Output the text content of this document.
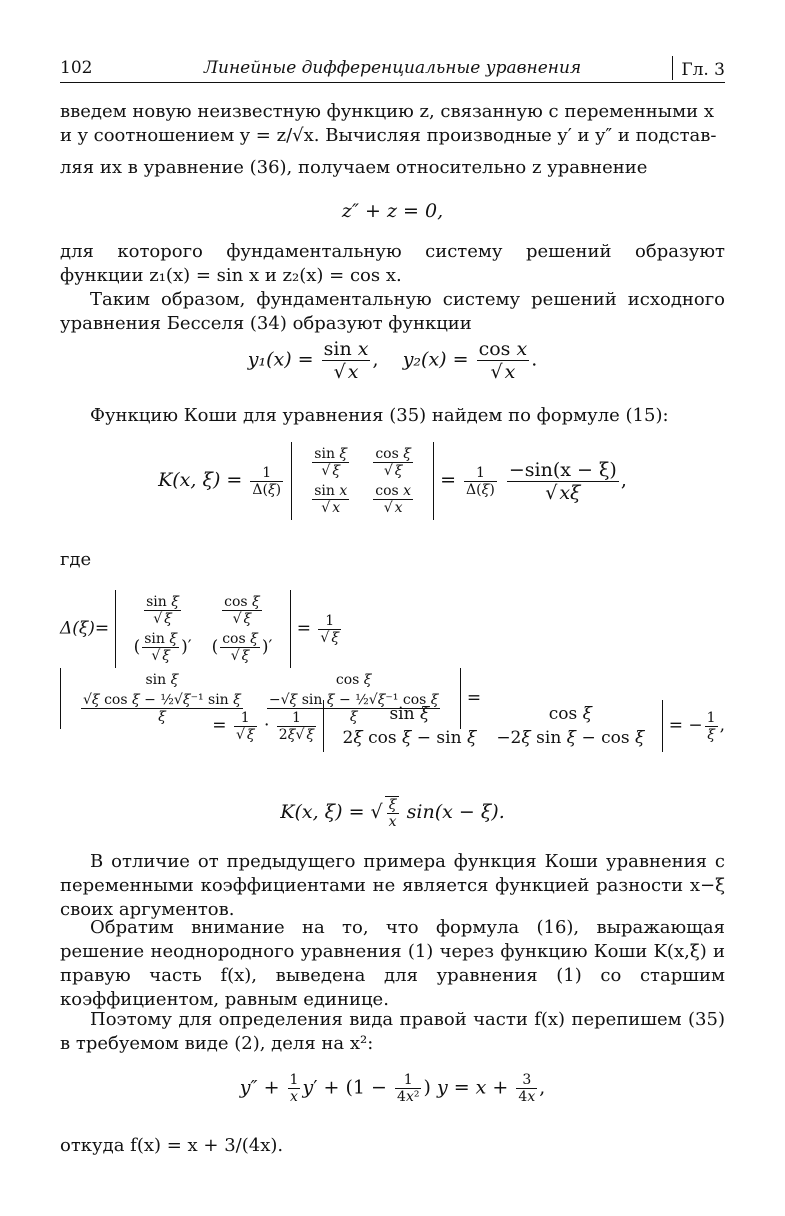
102	Линейные дифференциальные уравнения	Гл. 3
введем новую неизвестную функцию z, связанную с переменными x
и y соотношением y = z/√x. Вычисляя производные y′ и y″ и подстав-
ляя их в уравнение (36), получаем относительно z уравнение
z″ + z = 0,
для которого фундаментальную систему решений образуют функции z₁(x) = sin x и z₂(x) = cos x.
Таким образом, фундаментальную систему решений исходного уравнения Бесселя (34) образуют функции
$y_1(x) = \frac{\text{sin x}}{√ x}$ ,    $y_2(x) = \frac{\text{cos x}}{√ x}$ .
Функцию Коши для уравнения (35) найдем по формуле (15):
K(x, $\xi) = \frac{1}{\Delta(\xi)}$

$\frac{\text{sin ξ}}{√ \xi}$	$\frac{\text{cos ξ}}{√ \xi}$

$\frac{\text{sin x}}{√ x}$	$\frac{\text{cos x}}{√ x}$
= $\frac{1}{\Delta(\xi)}$
$\frac{-\sin(x - \xi)}{√ x\xi}$ ,
где
Δ(ξ)=
$\frac{\text{sin ξ}}{√ \xi}$	$\frac{\text{cos ξ}}{√ \xi}$

( $\frac{\text{sin ξ}}{√ \xi}$ )′	( $\frac{\text{cos ξ}}{√ \xi}$ )′
= $\frac{1}{√ \xi}$

sin ξ	cos ξ

$\frac{\text{√ξ cos ξ − ½√ξ⁻¹ sin ξ}}{\xi}$	$\frac{\text{−√ξ sin ξ − ½√ξ⁻¹ cos ξ}}{\xi}$ =
= $\frac{1}{√ \xi} \cdot \frac{1}{2\xi√ \xi}$
	sin ξ	cos ξ
2ξ cos ξ − sin ξ	−2ξ sin ξ − cos ξ
= − $\frac{1}{\xi}$ ,
K(x, ξ) = √ $\frac{\xi}{x} \sin(x - \xi)$.
В отличие от предыдущего примера функция Коши уравнения с переменными коэффициентами не является функцией разности x−ξ своих аргументов.
Обратим внимание на то, что формула (16), выражающая решение неоднородного уравнения (1) через функцию Коши K(x,ξ) и правую часть f(x), выведена для уравнения (1) со старшим коэффициентом, равным единице.
Поэтому для определения вида правой части f(x) перепишем (35) в требуемом виде (2), деля на x²:
$y'' + \frac{1}{x} y' + (1 - \frac{1}{\text{4x²}}$ ) $y = x + \frac{3}{4x}$ ,
откуда f(x) = x + 3/(4x).
